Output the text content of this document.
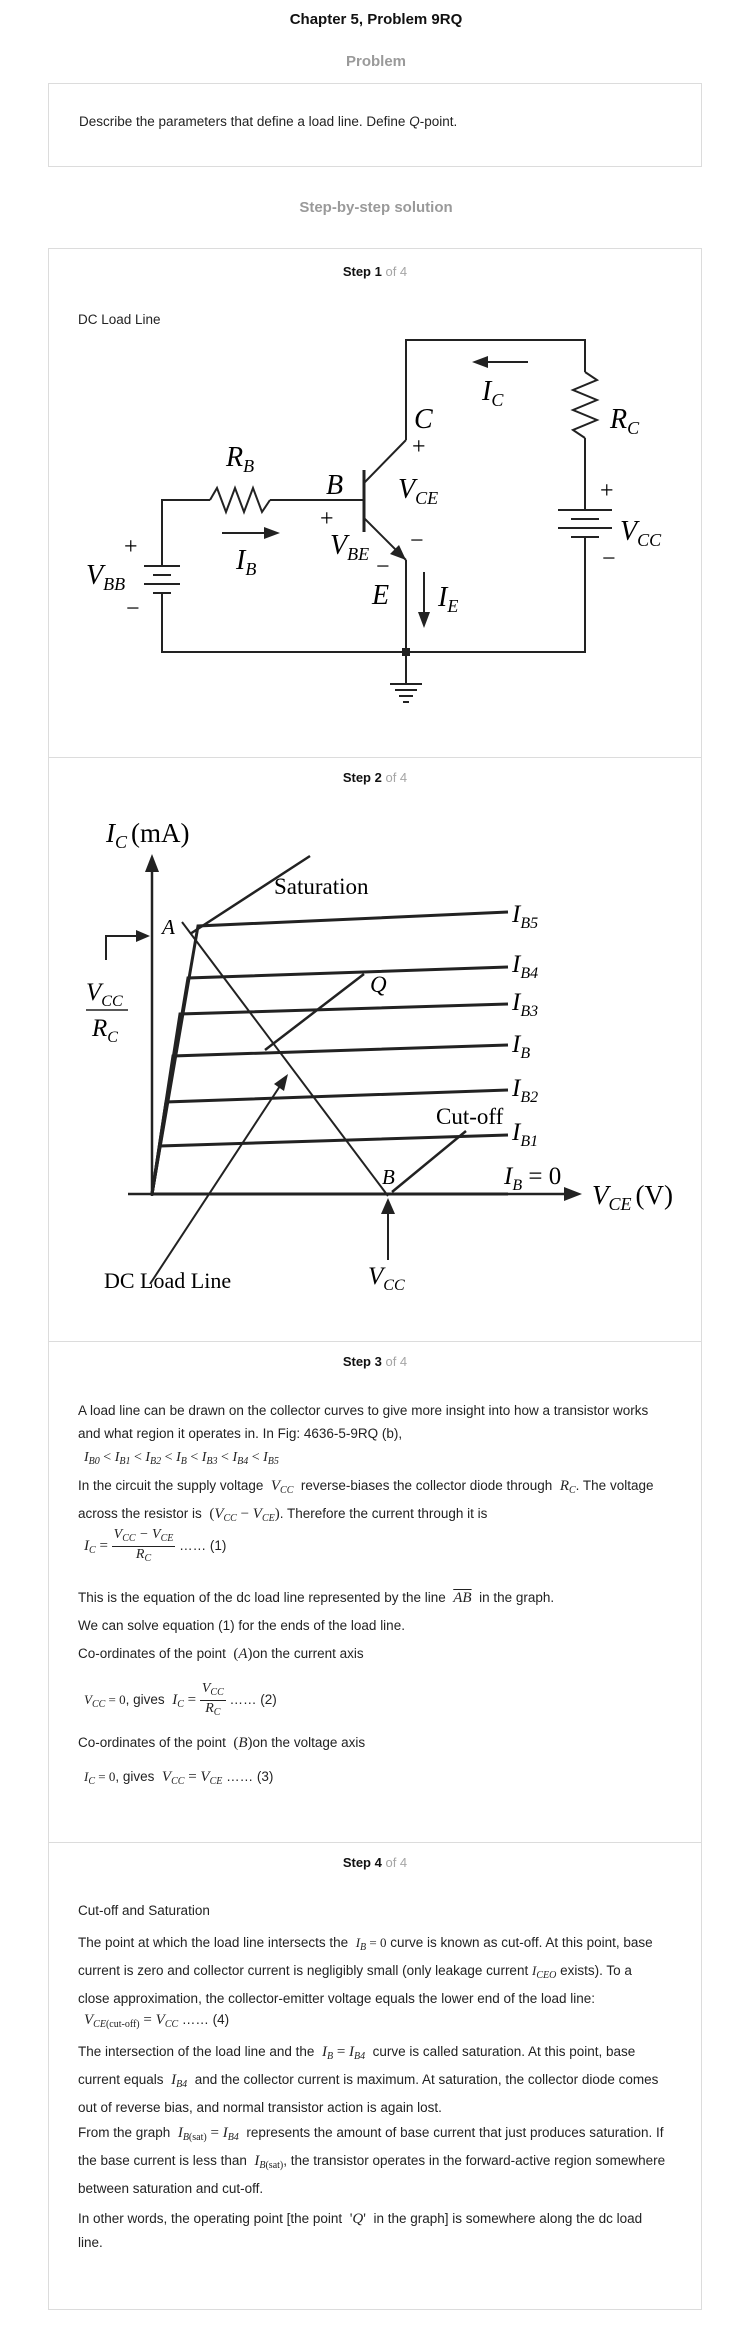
Chapter 5, Problem 9RQ
Problem
Describe the parameters that define a load line. Define Q-point.
Step-by-step solution
Step 1 of 4
DC Load Line
$R_B$
$I_B$
+
$V_{BB}$
−
B
+
$V_{BE}$ −
C
+
$V_{CE}$
−
E $I_E$
$I_C$
$R_C$
+
$V_{CC}$
−
Step 2 of 4
$I_C$ (mA)
$V_{CE}$ (V)
Saturation
Cut-off
A
B
Q
$V_{CC}$
$R_C$
$V_{CC}$
DC Load Line
$I_{B5}$
$I_{B4}$
$I_{B3}$
$I_B$
$I_{B2}$
$I_{B1}$
$I_B = 0$
Step 3 of 4
A load line can be drawn on the collector curves to give more insight into how a transistor works and what region it operates in. In Fig: 4636-5-9RQ (b),
$I_{B0} < I_{B1} < I_{B2} < I_B < I_{B3} < I_{B4} < I_{B5}$
In the circuit the supply voltage $V_{CC}$ reverse-biases the collector diode through $R_C$. The voltage across the resistor is $(V_{CC} - V_{CE})$. Therefore the current through it is
$I_C = \frac{V_{CC} - V_{CE}}{R_C}$ …… (1)
This is the equation of the dc load line represented by the line $\overline{AB}$ in the graph.
We can solve equation (1) for the ends of the load line.
Co-ordinates of the point (A)on the current axis
$V_{CC} = 0$, gives $I_C = \frac{V_{CC}}{R_C}$ …… (2)
Co-ordinates of the point (B)on the voltage axis
$I_C = 0$, gives $V_{CC} = V_{CE}$ …… (3)
Step 4 of 4
Cut-off and Saturation
The point at which the load line intersects the $I_B = 0$ curve is known as cut-off. At this point, base current is zero and collector current is negligibly small (only leakage current $I_{CEO}$ exists). To a close approximation, the collector-emitter voltage equals the lower end of the load line:
$V_{CE(cut-off)} = V_{CC}$ …… (4)
The intersection of the load line and the $I_B = I_{B4}$ curve is called saturation. At this point, base current equals $I_{B4}$ and the collector current is maximum. At saturation, the collector diode comes out of reverse bias, and normal transistor action is again lost.
From the graph $I_{B(sat)} = I_{B4}$ represents the amount of base current that just produces saturation. If the base current is less than $I_{B(sat)}$, the transistor operates in the forward-active region somewhere between saturation and cut-off.
In other words, the operating point [the point 'Q' in the graph] is somewhere along the dc load line.
